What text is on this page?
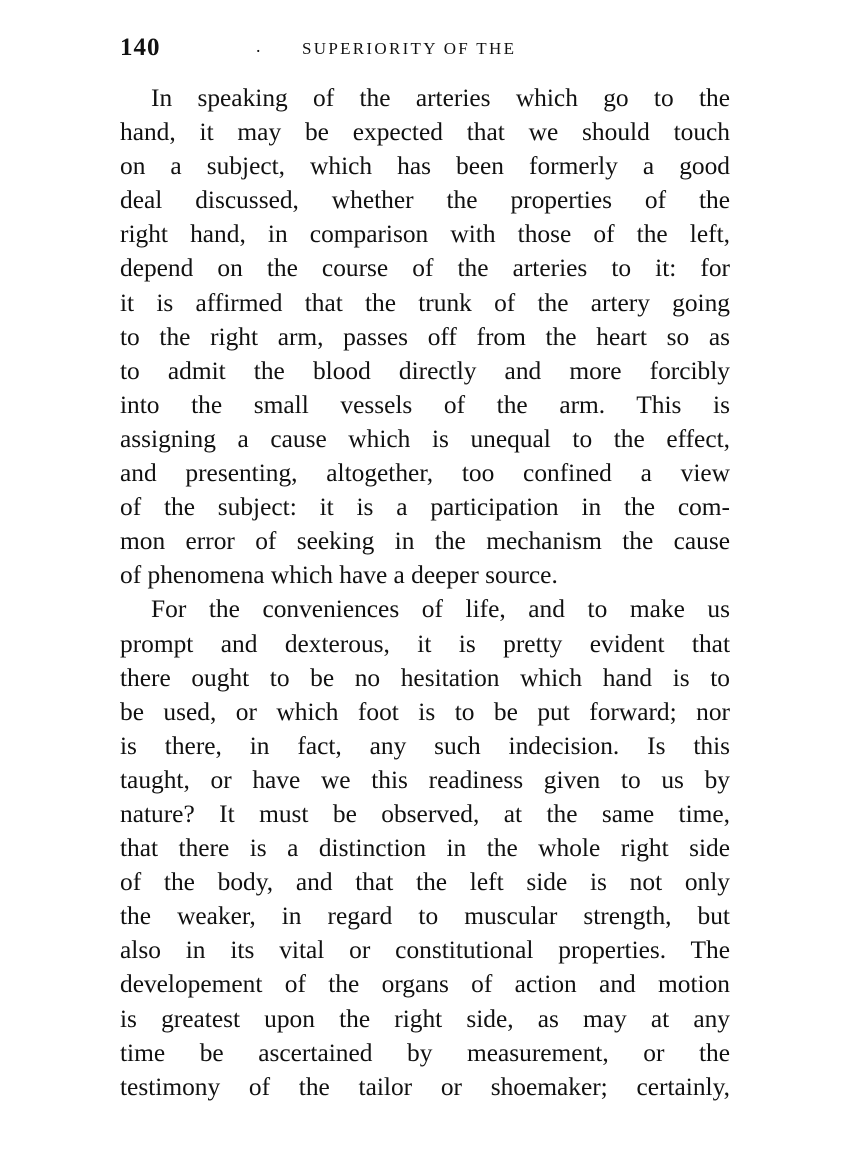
140	. SUPERIORITY OF THE
In speaking of the arteries which go to the
hand, it may be expected that we should touch
on a subject, which has been formerly a good
deal discussed, whether the properties of the
right hand, in comparison with those of the left,
depend on the course of the arteries to it: for
it is affirmed that the trunk of the artery going
to the right arm, passes off from the heart so as
to admit the blood directly and more forcibly
into the small vessels of the arm. This is
assigning a cause which is unequal to the effect,
and presenting, altogether, too confined a view
of the subject: it is a participation in the com-
mon error of seeking in the mechanism the cause
of phenomena which have a deeper source.
For the conveniences of life, and to make us
prompt and dexterous, it is pretty evident that
there ought to be no hesitation which hand is to
be used, or which foot is to be put forward; nor
is there, in fact, any such indecision. Is this
taught, or have we this readiness given to us by
nature? It must be observed, at the same time,
that there is a distinction in the whole right side
of the body, and that the left side is not only
the weaker, in regard to muscular strength, but
also in its vital or constitutional properties. The
developement of the organs of action and motion
is greatest upon the right side, as may at any
time be ascertained by measurement, or the
testimony of the tailor or shoemaker; certainly,
